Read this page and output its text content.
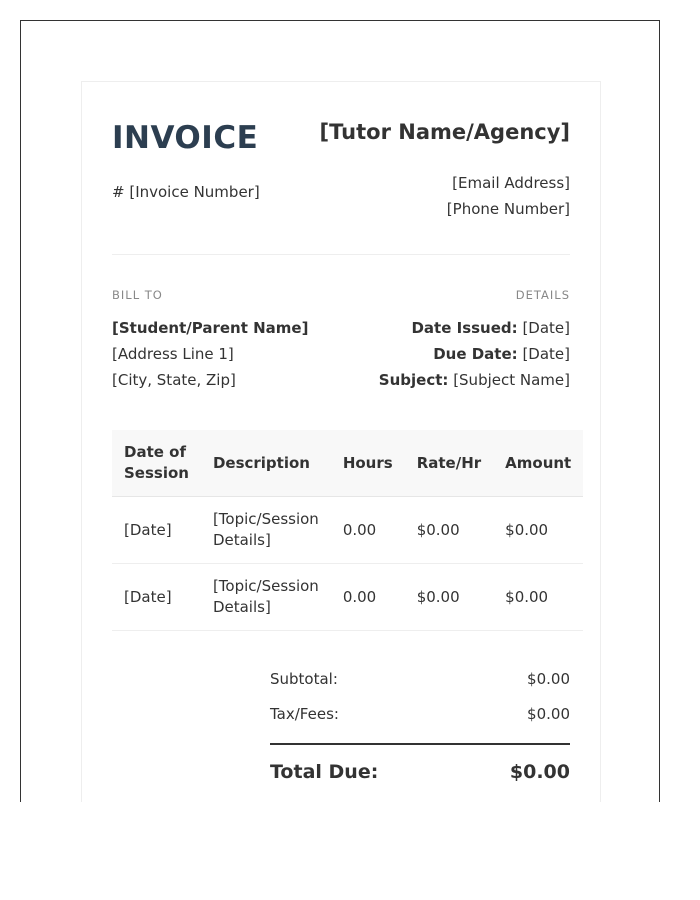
INVOICE
# [Invoice Number]
[Tutor Name/Agency]
[Email Address]
[Phone Number]
BILL TO
[Student/Parent Name]
[Address Line 1]
[City, State, Zip]
DETAILS
Date Issued: [Date]
Due Date: [Date]
Subject: [Subject Name]
Date of Session	Description	Hours	Rate/Hr	Amount
[Date]	[Topic/Session Details]	0.00	$0.00	$0.00
[Date]	[Topic/Session Details]	0.00	$0.00	$0.00
Subtotal:	$0.00
Tax/Fees:	$0.00
Total Due:	$0.00
